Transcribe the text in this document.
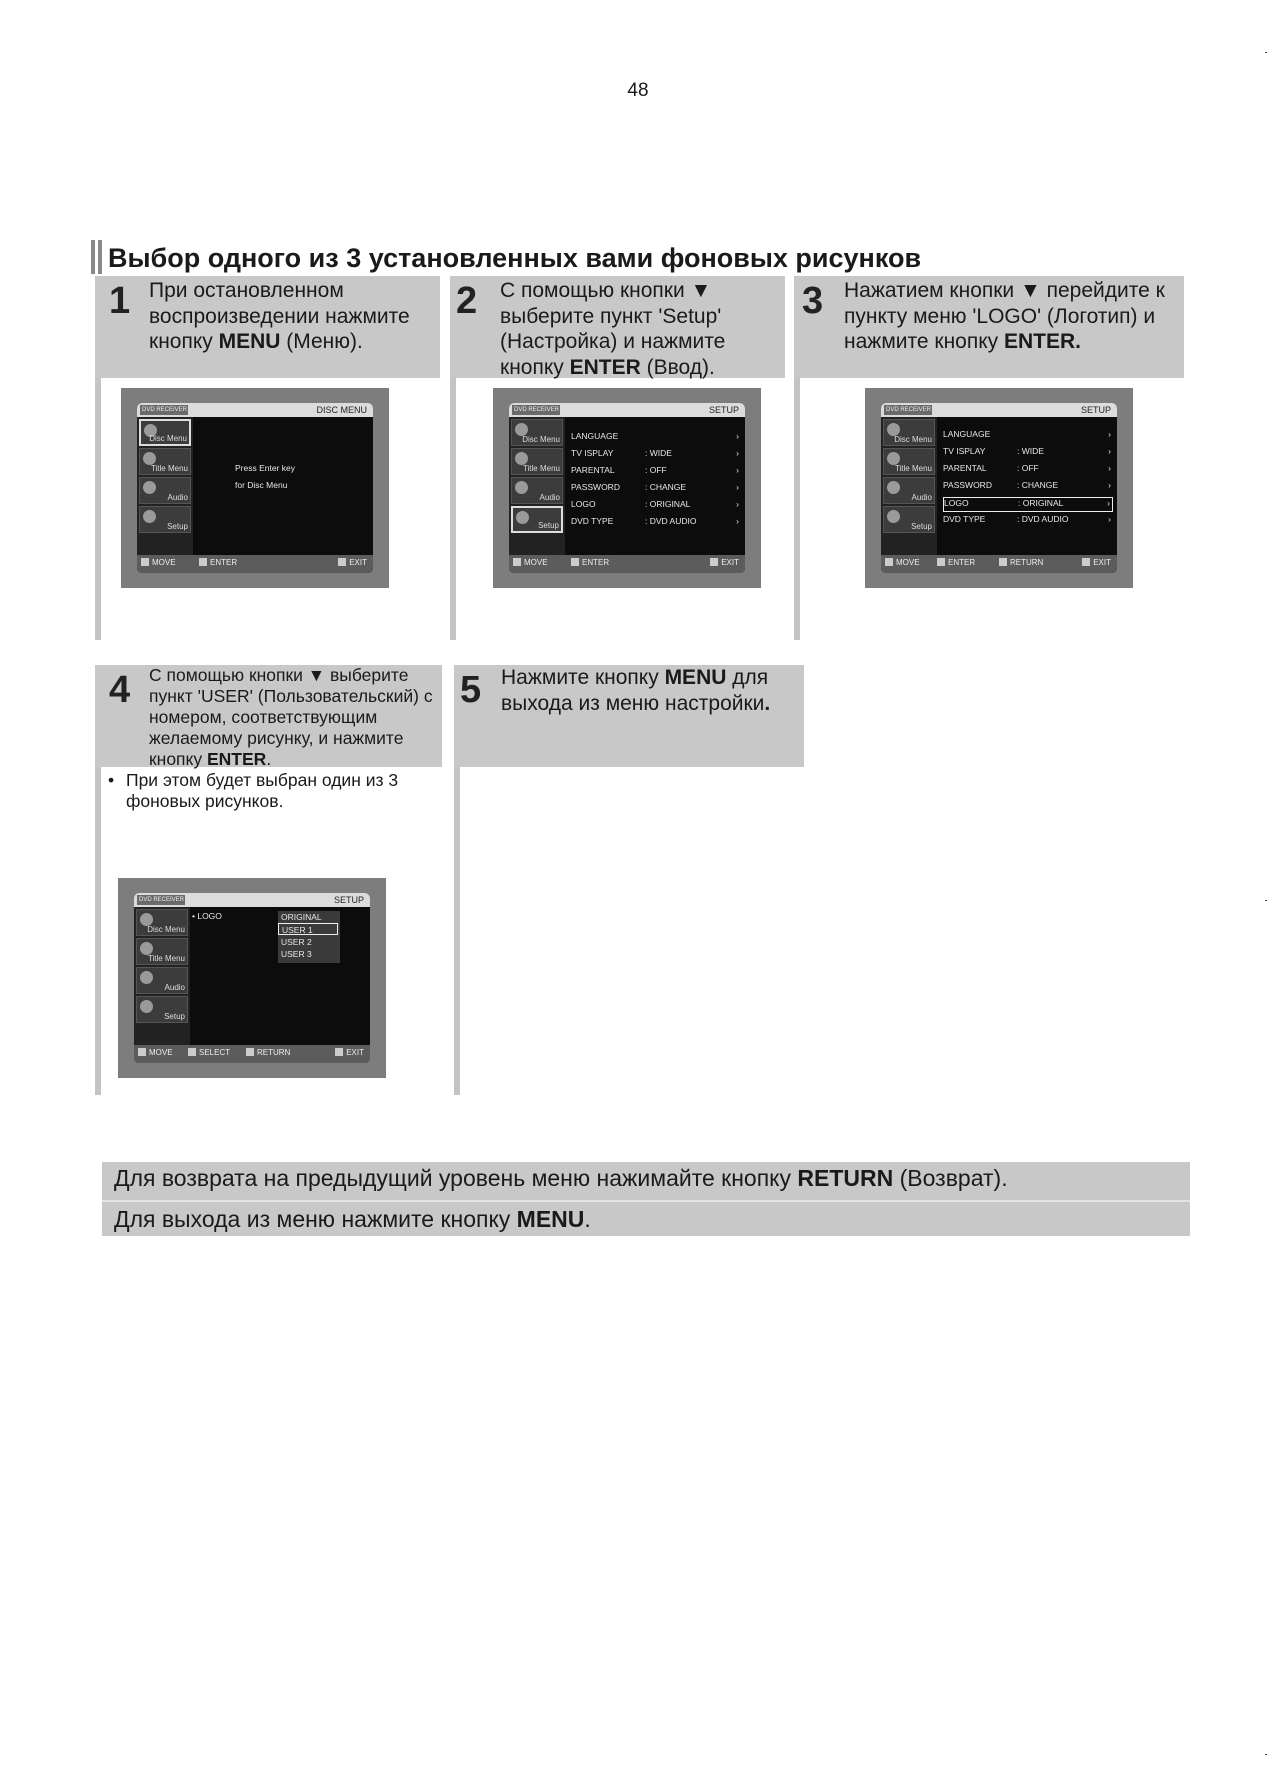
48
Выбор одного из 3 установленных вами фоновых рисунков
1 При остановленном воспроизведении нажмите кнопку MENU (Меню).
2 С помощью кнопки ▼ выберите пункт 'Setup' (Настройка) и нажмите кнопку ENTER (Ввод).
3 Нажатием кнопки ▼ перейдите к пункту меню 'LOGO' (Логотип) и нажмите кнопку ENTER.
DVD RECEIVER	DISC MENU
Disc Menu
Title Menu
Audio
Setup
Press Enter key
for Disc Menu
MOVE	ENTER	EXIT
DVD RECEIVER	SETUP
Disc Menu
Title Menu
Audio
Setup
LANGUAGE	›
TV ISPLAY	: WIDE	›
PARENTAL	: OFF	›
PASSWORD	: CHANGE	›
LOGO	: ORIGINAL	›
DVD TYPE	: DVD AUDIO	›
MOVE	ENTER	EXIT
DVD RECEIVER	SETUP
Disc Menu
Title Menu
Audio
Setup
LANGUAGE	›
TV ISPLAY	: WIDE	›
PARENTAL	: OFF	›
PASSWORD	: CHANGE	›
LOGO	: ORIGINAL	›
DVD TYPE	: DVD AUDIO	›
MOVE	ENTER	RETURN	EXIT
4 С помощью кнопки ▼ выберите пункт 'USER' (Пользовательский) с номером, соответствующим желаемому рисунку, и нажмите кнопку ENTER.
5 Нажмите кнопку MENU для выхода из меню настройки.
• При этом будет выбран один из 3 фоновых рисунков.
DVD RECEIVER	SETUP
Disc Menu
Title Menu
Audio
Setup
• LOGO	ORIGINAL
USER 1
USER 2
USER 3
MOVE	SELECT	RETURN	EXIT
Для возврата на предыдущий уровень меню нажимайте кнопку RETURN (Возврат).
Для выхода из меню нажмите кнопку MENU.
